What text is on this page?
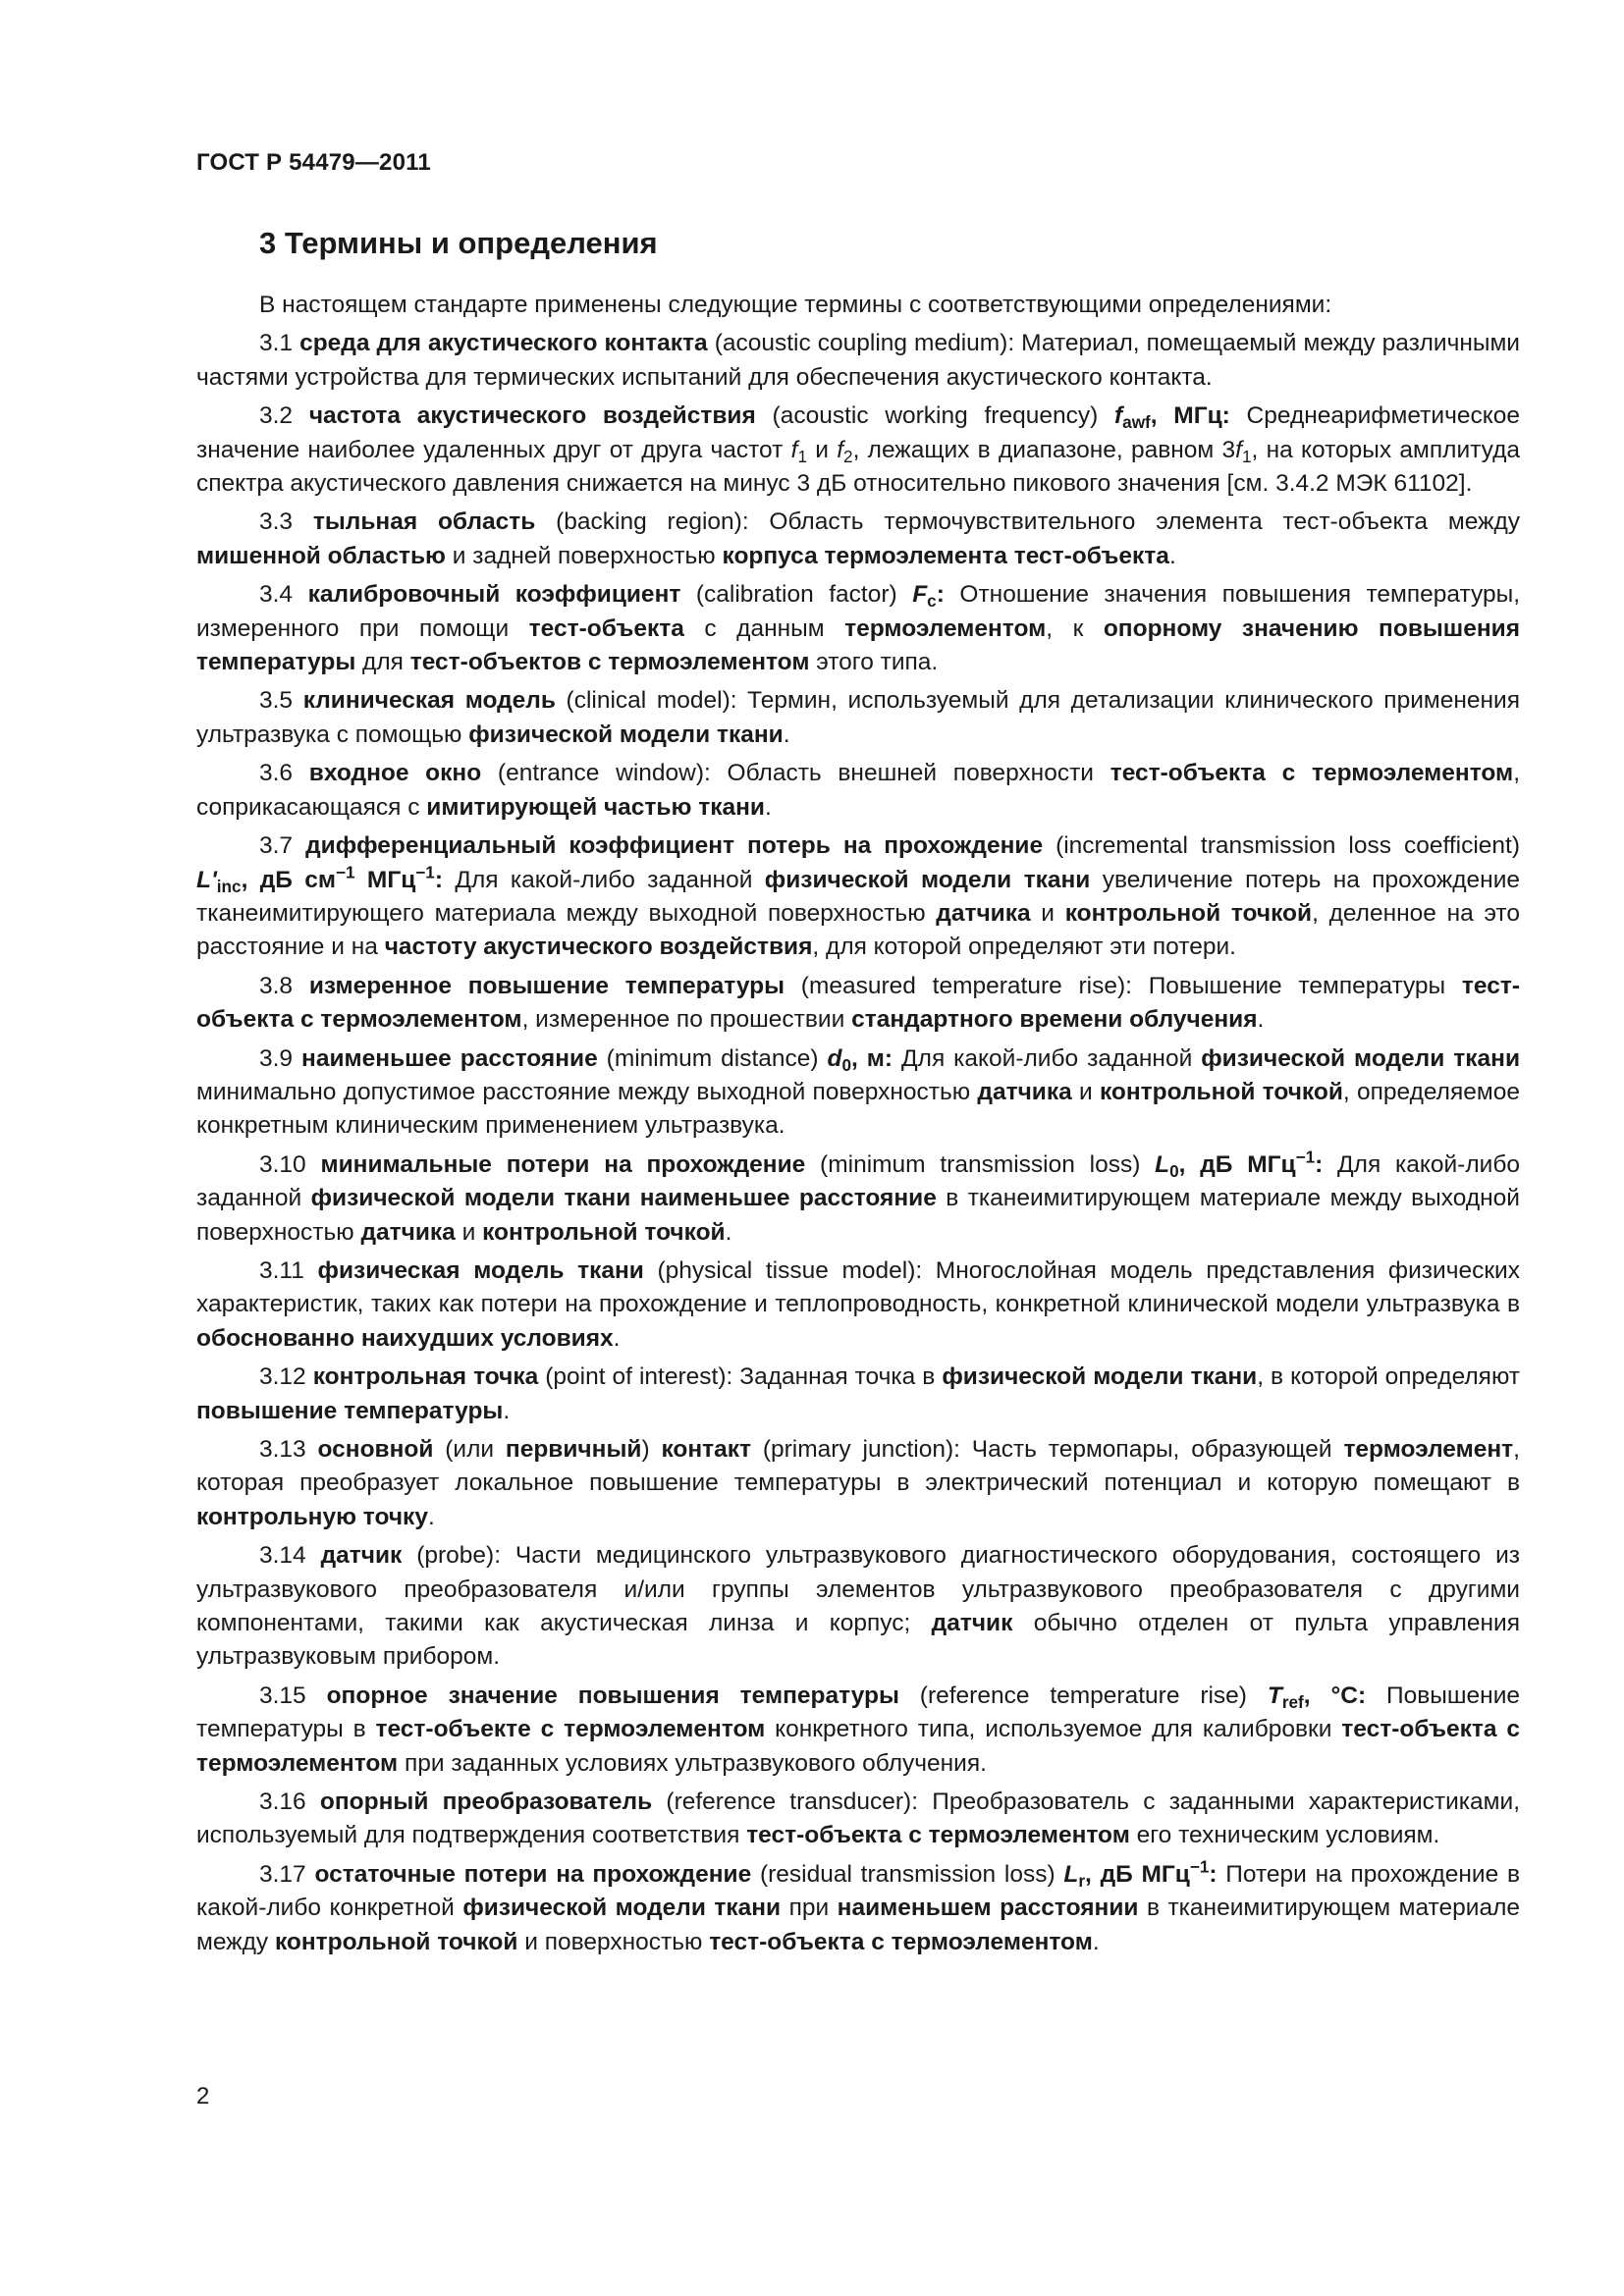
ГОСТ Р 54479—2011
3 Термины и определения

В настоящем стандарте применены следующие термины с соответствующими определениями:

3.1 среда для акустического контакта (acoustic coupling medium): Материал, помещаемый между различными частями устройства для термических испытаний для обеспечения акустического контакта.

3.2 частота акустического воздействия (acoustic working frequency) $f_{awf}$, МГц: Среднеарифметическое значение наиболее удаленных друг от друга частот $f_1$ и $f_2$, лежащих в диапазоне, равном $3f_1$, на которых амплитуда спектра акустического давления снижается на минус 3 дБ относительно пикового значения [см. 3.4.2 МЭК 61102].

3.3 тыльная область (backing region): Область термочувствительного элемента тест-объекта между мишенной областью и задней поверхностью корпуса термоэлемента тест-объекта.

3.4 калибровочный коэффициент (calibration factor) $F_c$: Отношение значения повышения температуры, измеренного при помощи тест-объекта с данным термоэлементом, к опорному значению повышения температуры для тест-объектов с термоэлементом этого типа.

3.5 клиническая модель (clinical model): Термин, используемый для детализации клинического применения ультразвука с помощью физической модели ткани.

3.6 входное окно (entrance window): Область внешней поверхности тест-объекта с термоэлементом, соприкасающаяся с имитирующей частью ткани.

3.7 дифференциальный коэффициент потерь на прохождение (incremental transmission loss coefficient) $L'_{inc}$, дБ $см^{-1}$ МГц$^{-1}$: Для какой-либо заданной физической модели ткани увеличение потерь на прохождение тканеимитирующего материала между выходной поверхностью датчика и контрольной точкой, деленное на это расстояние и на частоту акустического воздействия, для которой определяют эти потери.

3.8 измеренное повышение температуры (measured temperature rise): Повышение температуры тест-объекта с термоэлементом, измеренное по прошествии стандартного времени облучения.

3.9 наименьшее расстояние (minimum distance) $d_0$, м: Для какой-либо заданной физической модели ткани минимально допустимое расстояние между выходной поверхностью датчика и контрольной точкой, определяемое конкретным клиническим применением ультразвука.

3.10 минимальные потери на прохождение (minimum transmission loss) $L_0$, дБ МГц$^{-1}$: Для какой-либо заданной физической модели ткани наименьшее расстояние в тканеимитирующем материале между выходной поверхностью датчика и контрольной точкой.

3.11 физическая модель ткани (physical tissue model): Многослойная модель представления физических характеристик, таких как потери на прохождение и теплопроводность, конкретной клинической модели ультразвука в обоснованно наихудших условиях.

3.12 контрольная точка (point of interest): Заданная точка в физической модели ткани, в которой определяют повышение температуры.

3.13 основной (или первичный) контакт (primary junction): Часть термопары, образующей термоэлемент, которая преобразует локальное повышение температуры в электрический потенциал и которую помещают в контрольную точку.

3.14 датчик (probe): Части медицинского ультразвукового диагностического оборудования, состоящего из ультразвукового преобразователя и/или группы элементов ультразвукового преобразователя с другими компонентами, такими как акустическая линза и корпус; датчик обычно отделен от пульта управления ультразвуковым прибором.

3.15 опорное значение повышения температуры (reference temperature rise) $T_{ref}$, °С: Повышение температуры в тест-объекте с термоэлементом конкретного типа, используемое для калибровки тест-объекта с термоэлементом при заданных условиях ультразвукового облучения.

3.16 опорный преобразователь (reference transducer): Преобразователь с заданными характеристиками, используемый для подтверждения соответствия тест-объекта с термоэлементом его техническим условиям.

3.17 остаточные потери на прохождение (residual transmission loss) $L_r$, дБ МГц$^{-1}$: Потери на прохождение в какой-либо конкретной физической модели ткани при наименьшем расстоянии в тканеимитирующем материале между контрольной точкой и поверхностью тест-объекта с термоэлементом.

2
